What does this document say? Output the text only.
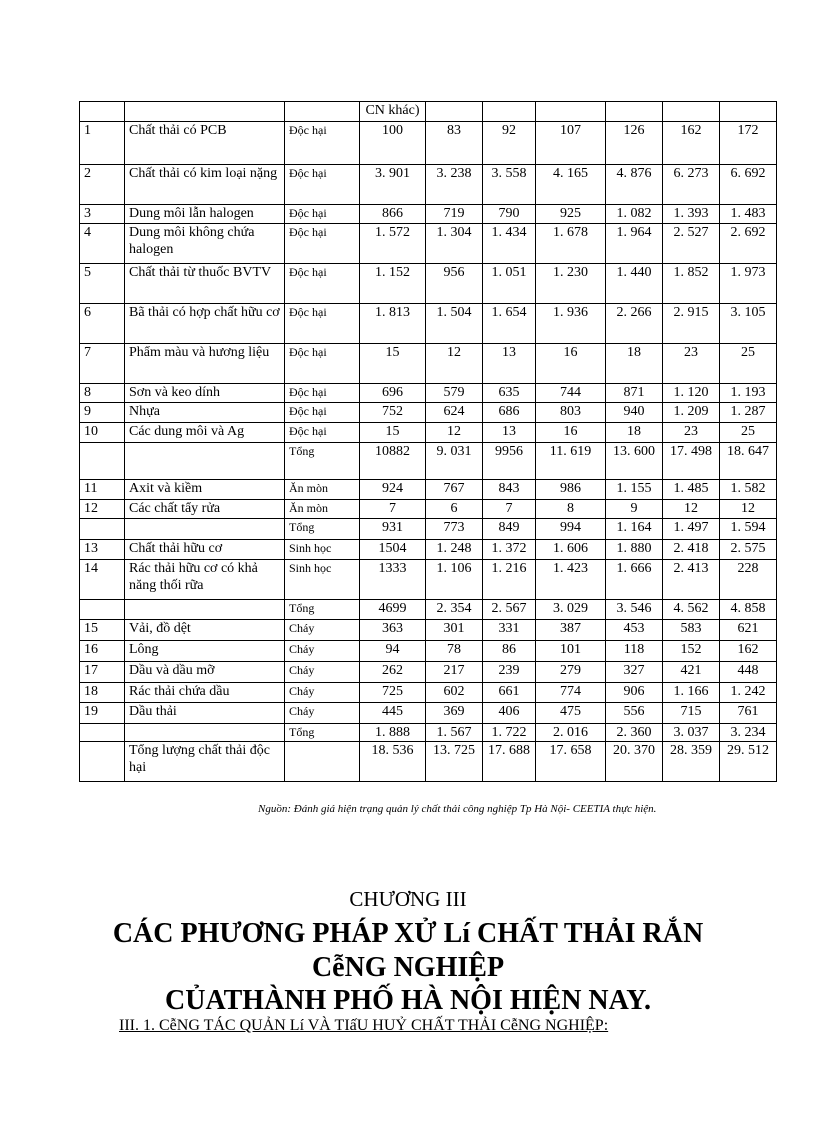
			CN khác)						
1	Chất thải có PCB	Độc hại	100	83	92	107	126	162	172
2	Chất thải có kim loại nặng	Độc hại	3. 901	3. 238	3. 558	4. 165	4. 876	6. 273	6. 692
3	Dung môi lẫn halogen	Độc hại	866	719	790	925	1. 082	1. 393	1. 483
4	Dung môi không chứa halogen	Độc hại	1. 572	1. 304	1. 434	1. 678	1. 964	2. 527	2. 692
5	Chất thải từ thuốc BVTV	Độc hại	1. 152	956	1. 051	1. 230	1. 440	1. 852	1. 973
6	Bã thải có hợp chất hữu cơ	Độc hại	1. 813	1. 504	1. 654	1. 936	2. 266	2. 915	3. 105
7	Phẩm màu và hương liệu	Độc hại	15	12	13	16	18	23	25
8	Sơn và keo dính	Độc hại	696	579	635	744	871	1. 120	1. 193
9	Nhựa	Độc hại	752	624	686	803	940	1. 209	1. 287
10	Các dung môi và Ag	Độc hại	15	12	13	16	18	23	25
		Tổng	10882	9. 031	9956	11. 619	13. 600	17. 498	18. 647
11	Axit và kiềm	Ăn mòn	924	767	843	986	1. 155	1. 485	1. 582
12	Các chất tẩy rửa	Ăn mòn	7	6	7	8	9	12	12
		Tổng	931	773	849	994	1. 164	1. 497	1. 594
13	Chất thải hữu cơ	Sinh học	1504	1. 248	1. 372	1. 606	1. 880	2. 418	2. 575
14	Rác thải hữu cơ có khả năng thối rữa	Sinh học	1333	1. 106	1. 216	1. 423	1. 666	2. 413	228
		Tổng	4699	2. 354	2. 567	3. 029	3. 546	4. 562	4. 858
15	Vải, đồ dệt	Cháy	363	301	331	387	453	583	621
16	Lông	Cháy	94	78	86	101	118	152	162
17	Dầu và dầu mỡ	Cháy	262	217	239	279	327	421	448
18	Rác thải chứa dầu	Cháy	725	602	661	774	906	1. 166	1. 242
19	Dầu thải	Cháy	445	369	406	475	556	715	761
		Tổng	1. 888	1. 567	1. 722	2. 016	2. 360	3. 037	3. 234
	Tổng lượng chất thải độc hại		18. 536	13. 725	17. 688	17. 658	20. 370	28. 359	29. 512
Nguồn: Đánh giá hiện trạng quản lý chất thải công nghiệp Tp Hà Nội- CEETIA thực hiện.
CHƯƠNG III
CÁC PHƯƠNG PHÁP XỬ Lí CHẤT THẢI RẮN
CễNG NGHIỆP
CỦATHÀNH PHỐ HÀ NỘI HIỆN NAY.
III. 1. CễNG TÁC QUẢN Lí VÀ TIấU HUỶ CHẤT THẢI CễNG NGHIỆP:
